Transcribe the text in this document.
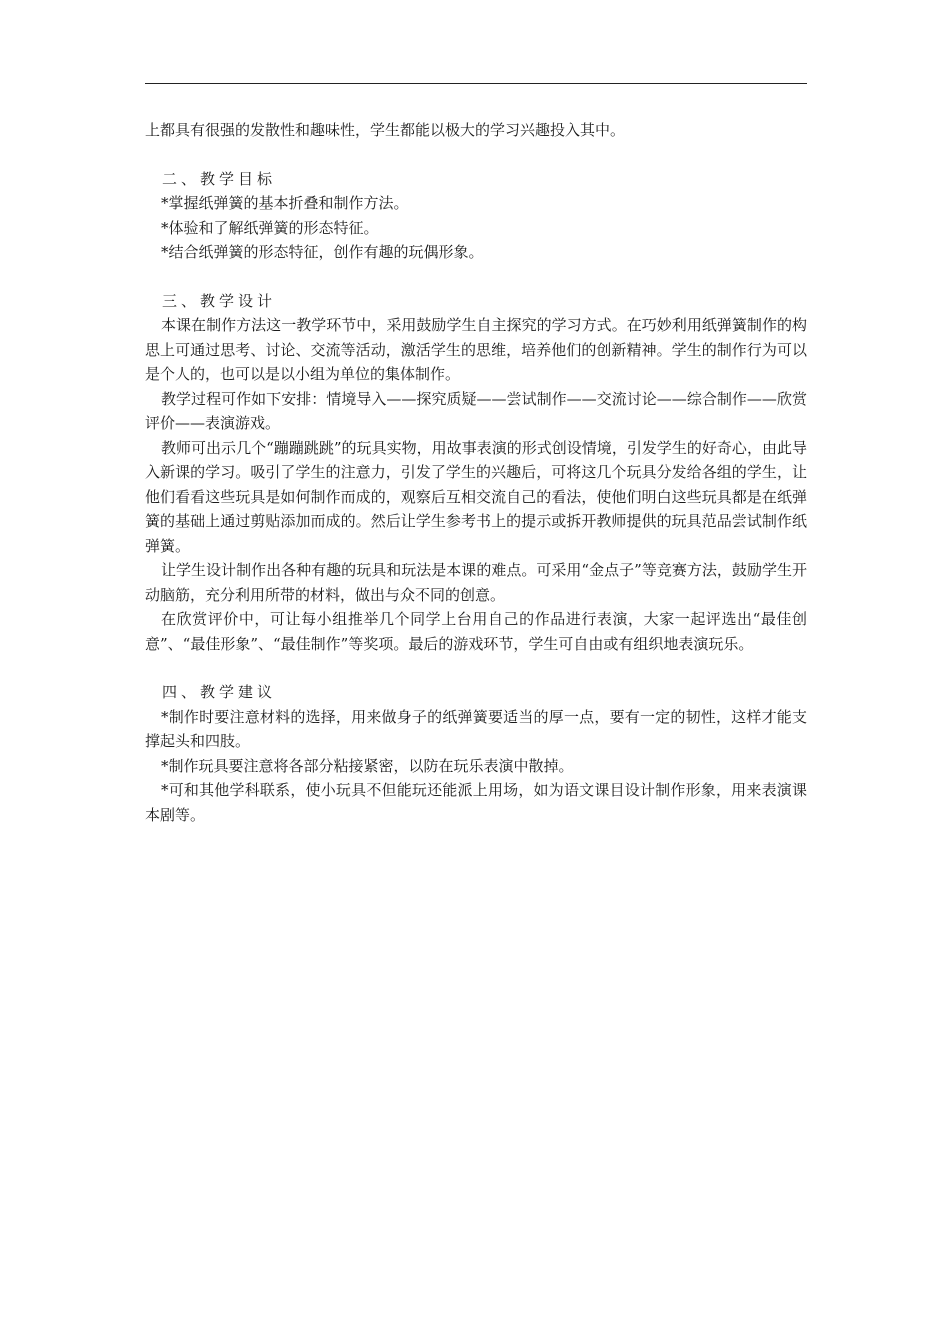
上都具有很强的发散性和趣味性，学生都能以极大的学习兴趣投入其中。

二、教学目标

*掌握纸弹簧的基本折叠和制作方法。

*体验和了解纸弹簧的形态特征。

*结合纸弹簧的形态特征，创作有趣的玩偶形象。

三、教学设计

本课在制作方法这一教学环节中，采用鼓励学生自主探究的学习方式。在巧妙利用纸弹簧制作的构思上可通过思考、讨论、交流等活动，激活学生的思维，培养他们的创新精神。学生的制作行为可以是个人的，也可以是以小组为单位的集体制作。

教学过程可作如下安排：情境导入——探究质疑——尝试制作——交流讨论——综合制作——欣赏评价——表演游戏。

教师可出示几个“蹦蹦跳跳”的玩具实物，用故事表演的形式创设情境，引发学生的好奇心，由此导入新课的学习。吸引了学生的注意力，引发了学生的兴趣后，可将这几个玩具分发给各组的学生，让他们看看这些玩具是如何制作而成的，观察后互相交流自己的看法，使他们明白这些玩具都是在纸弹簧的基础上通过剪贴添加而成的。然后让学生参考书上的提示或拆开教师提供的玩具范品尝试制作纸弹簧。

让学生设计制作出各种有趣的玩具和玩法是本课的难点。可采用“金点子”等竞赛方法，鼓励学生开动脑筋，充分利用所带的材料，做出与众不同的创意。

在欣赏评价中，可让每小组推举几个同学上台用自己的作品进行表演，大家一起评选出“最佳创意”、“最佳形象”、“最佳制作”等奖项。最后的游戏环节，学生可自由或有组织地表演玩乐。

四、教学建议

*制作时要注意材料的选择，用来做身子的纸弹簧要适当的厚一点，要有一定的韧性，这样才能支撑起头和四肢。

*制作玩具要注意将各部分粘接紧密，以防在玩乐表演中散掉。

*可和其他学科联系，使小玩具不但能玩还能派上用场，如为语文课目设计制作形象，用来表演课本剧等。
